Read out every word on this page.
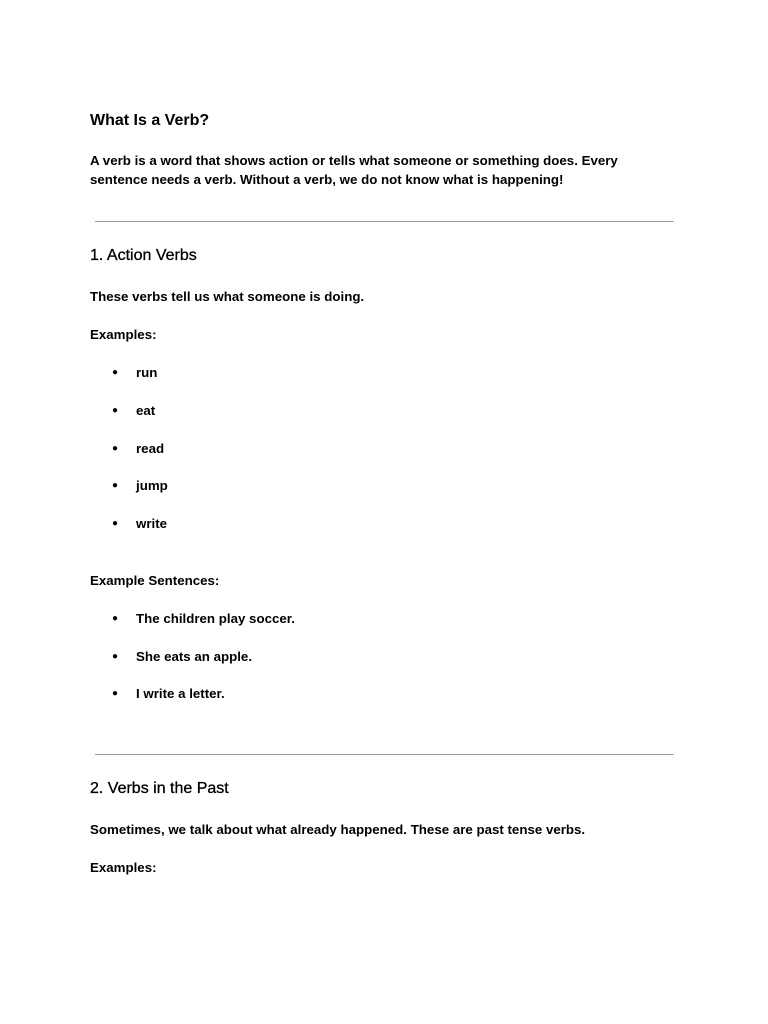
What Is a Verb?

A verb is a word that shows action or tells what someone or something does. Every

sentence needs a verb. Without a verb, we do not know what is happening!

1. Action Verbs

These verbs tell us what someone is doing.

Examples:

●	run
●	eat
●	read
●	jump
●	write

Example Sentences:

●	The children play soccer.
●	She eats an apple.
●	I write a letter.
2. Verbs in the Past

Sometimes, we talk about what already happened. These are past tense verbs.

Examples:
